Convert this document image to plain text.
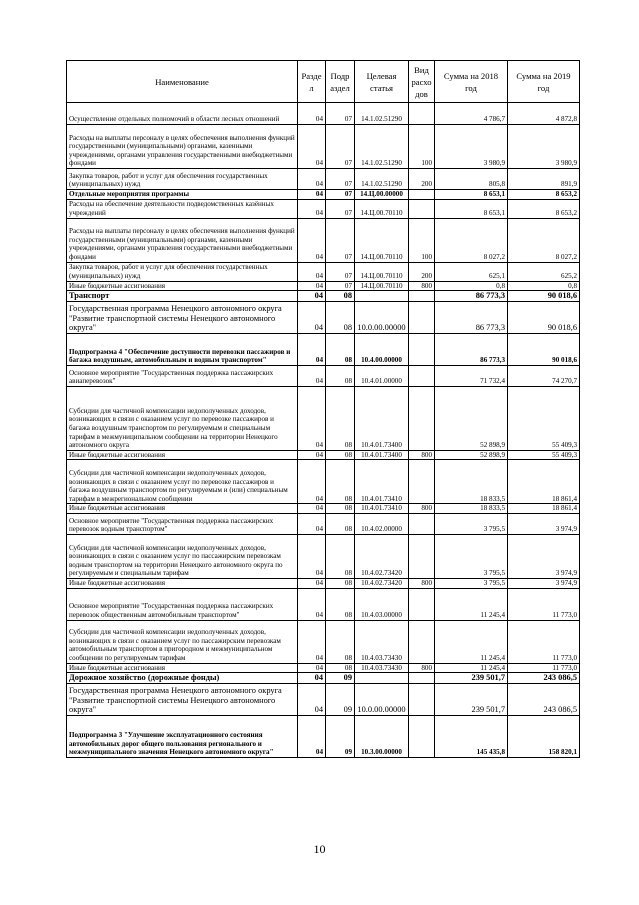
Наименование	Разде л	Подр аздел	Целевая статья	Вид расхо дов	Сумма на 2018 год	Сумма на 2019 год
Осуществление отдельных полномочий в области лесных отношений	04	07	14.1.02.51290		4 786,7	4 872,8
Расходы на выплаты персоналу в целях обеспечения выполнения функций государственными (муниципальными) органами, казенными учреждениями, органами управления государственными внебюджетными фондами	04	07	14.1.02.51290	100	3 980,9	3 980,9
Закупка товаров, работ и услуг для обеспечения государственных (муниципальных) нужд	04	07	14.1.02.51290	200	805,8	891,9
Отдельные мероприятия программы	04	07	14.Ц.00.00000		8 653,1	8 653,2
Расходы на обеспечение деятельности подведомственных казённых учреждений	04	07	14.Ц.00.70110		8 653,1	8 653,2
Расходы на выплаты персоналу в целях обеспечения выполнения функций государственными (муниципальными) органами, казенными учреждениями, органами управления государственными внебюджетными фондами	04	07	14.Ц.00.70110	100	8 027,2	8 027,2
Закупка товаров, работ и услуг для обеспечения государственных (муниципальных) нужд	04	07	14.Ц.00.70110	200	625,1	625,2
Иные бюджетные ассигнования	04	07	14.Ц.00.70110	800	0,8	0,8
Транспорт	04	08			86 773,3	90 018,6
Государственная программа Ненецкого автономного округа "Развитие транспортной системы Ненецкого автономного округа"	04	08	10.0.00.00000		86 773,3	90 018,6
Подпрограмма 4 "Обеспечение доступности перевозки пассажиров и багажа воздушным, автомобильным и водным транспортом"	04	08	10.4.00.00000		86 773,3	90 018,6
Основное мероприятие "Государственная поддержка пассажирских авиаперевозок"	04	08	10.4.01.00000		71 732,4	74 270,7
Субсидии для частичной компенсации недополученных доходов, возникающих в связи с оказанием услуг по перевозке пассажиров и багажа воздушным транспортом по регулируемым и специальным тарифам в межмуниципальном сообщении на территории Ненецкого автономного округа	04	08	10.4.01.73400		52 898,9	55 409,3
Иные бюджетные ассигнования	04	08	10.4.01.73400	800	52 898,9	55 409,3
Субсидии для частичной компенсации недополученных доходов, возникающих в связи с оказанием услуг по перевозке пассажиров и багажа воздушным транспортом по регулируемым и (или) специальным тарифам в межрегиональном сообщении	04	08	10.4.01.73410		18 833,5	18 861,4
Иные бюджетные ассигнования	04	08	10.4.01.73410	800	18 833,5	18 861,4
Основное мероприятие "Государственная поддержка пассажирских перевозок водным транспортом"	04	08	10.4.02.00000		3 795,5	3 974,9
Субсидии для частичной компенсации недополученных доходов, возникающих в связи с оказанием услуг по пассажирским перевозкам водным транспортом на территории Ненецкого автономного округа по регулируемым и специальным тарифам	04	08	10.4.02.73420		3 795,5	3 974,9
Иные бюджетные ассигнования	04	08	10.4.02.73420	800	3 795,5	3 974,9
Основное мероприятие "Государственная поддержка пассажирских перевозок общественным автомобильным транспортом"	04	08	10.4.03.00000		11 245,4	11 773,0
Субсидии для частичной компенсации недополученных доходов, возникающих в связи с оказанием услуг по пассажирским перевозкам автомобильным транспортом в пригородном и межмуниципальном сообщении по регулируемым тарифам	04	08	10.4.03.73430		11 245,4	11 773,0
Иные бюджетные ассигнования	04	08	10.4.03.73430	800	11 245,4	11 773,0
Дорожное хозяйство (дорожные фонды)	04	09			239 501,7	243 086,5
Государственная программа Ненецкого автономного округа "Развитие транспортной системы Ненецкого автономного округа"	04	09	10.0.00.00000		239 501,7	243 086,5
Подпрограмма 3 "Улучшение эксплуатационного состояния автомобильных дорог общего пользования регионального и межмуниципального значения Ненецкого автономного округа"	04	09	10.3.00.00000		145 435,8	158 820,1
10
